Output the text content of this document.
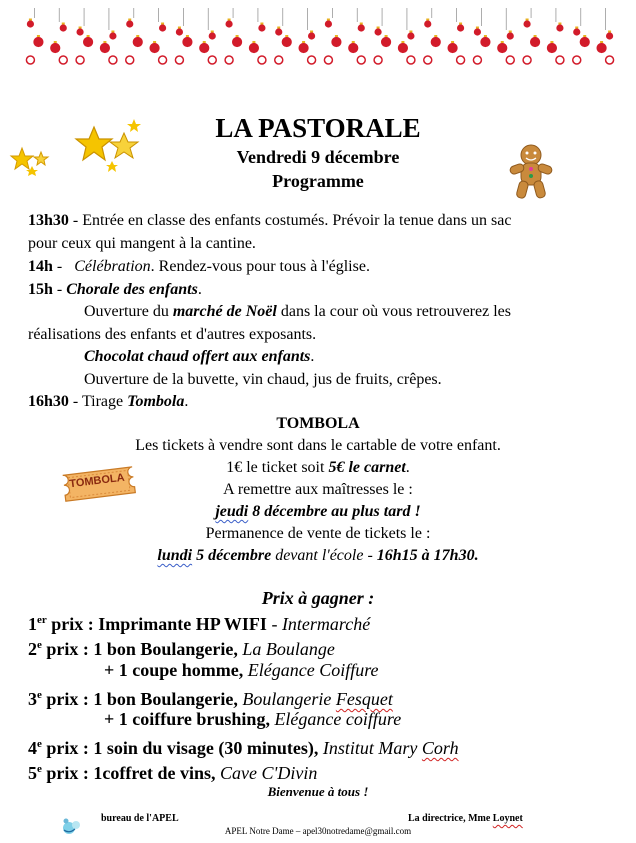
LA PASTORALE
Vendredi 9 décembre
Programme
13h30 - Entrée en classe des enfants costumés. Prévoir la tenue dans un sac
pour ceux qui mangent à la cantine.
14h -   Célébration. Rendez-vous pour tous à l'église.
15h - Chorale des enfants.
Ouverture du marché de Noël dans la cour où vous retrouverez les
réalisations des enfants et d'autres exposants.
Chocolat chaud offert aux enfants.
Ouverture de la buvette, vin chaud, jus de fruits, crêpes.
16h30 - Tirage Tombola.
TOMBOLA
Les tickets à vendre sont dans le cartable de votre enfant.
1€ le ticket soit 5€ le carnet.
A remettre aux maîtresses le :
jeudi 8 décembre au plus tard !
Permanence de vente de tickets le :
lundi 5 décembre devant l'école - 16h15 à 17h30.
TOMBOLA
Prix à gagner :
1er prix : Imprimante HP WIFI - Intermarché
2e prix : 1 bon Boulangerie, La Boulange
+ 1 coupe homme, Elégance Coiffure
3e prix : 1 bon Boulangerie, Boulangerie Fesquet
+ 1 coiffure brushing, Elégance coiffure
4e prix : 1 soin du visage (30 minutes), Institut Mary Corh
5e prix : 1coffret de vins, Cave C'Divin
Bienvenue à tous !
bureau de l'APEL	La directrice, Mme Loynet
APEL Notre Dame – apel30notredame@gmail.com
